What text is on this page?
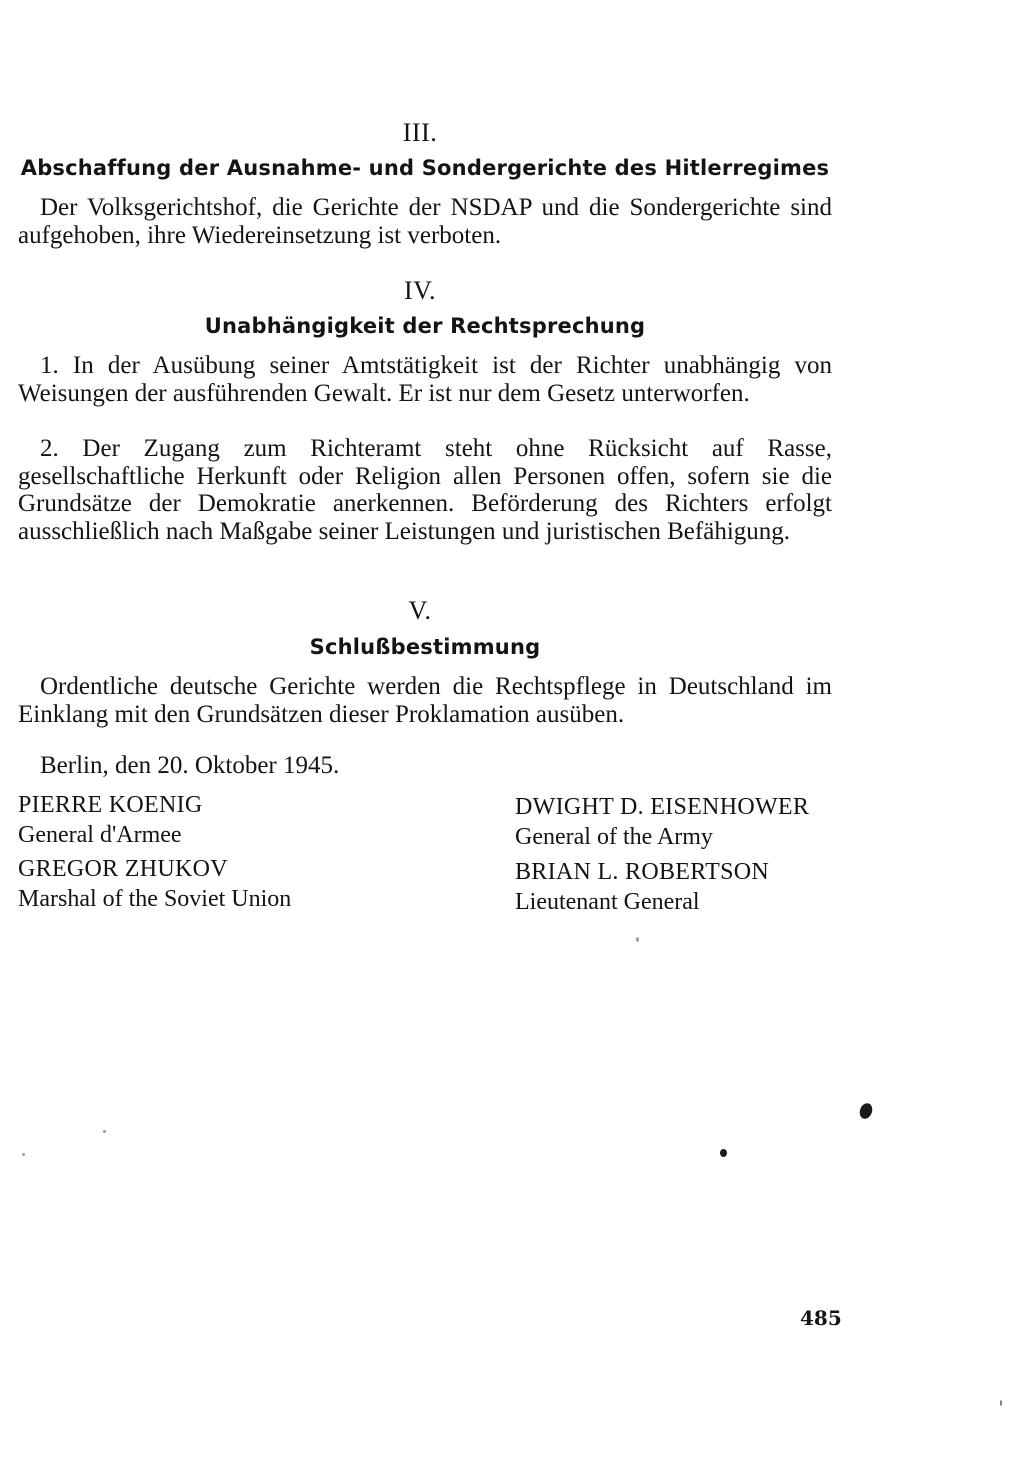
III.
Abschaffung der Ausnahme- und Sondergerichte des Hitlerregimes

Der Volksgerichtshof, die Gerichte der NSDAP und die Sondergerichte sind aufgehoben, ihre Wiedereinsetzung ist verboten.

IV.
Unabhängigkeit der Rechtsprechung

1. In der Ausübung seiner Amtstätigkeit ist der Richter unabhängig von Weisungen der ausführenden Gewalt. Er ist nur dem Gesetz unterworfen.

2. Der Zugang zum Richteramt steht ohne Rücksicht auf Rasse, gesellschaftliche Herkunft oder Religion allen Personen offen, sofern sie die Grundsätze der Demokratie anerkennen. Beförderung des Richters erfolgt ausschließlich nach Maßgabe seiner Leistungen und juristischen Befähigung.

V.
Schlußbestimmung

Ordentliche deutsche Gerichte werden die Rechtspflege in Deutschland im Einklang mit den Grundsätzen dieser Proklamation ausüben.

Berlin, den 20. Oktober 1945.

PIERRE KOENIG
General d'Armee
DWIGHT D. EISENHOWER
General of the Army
GREGOR ZHUKOV
Marshal of the Soviet Union
BRIAN L. ROBERTSON
Lieutenant General
485
